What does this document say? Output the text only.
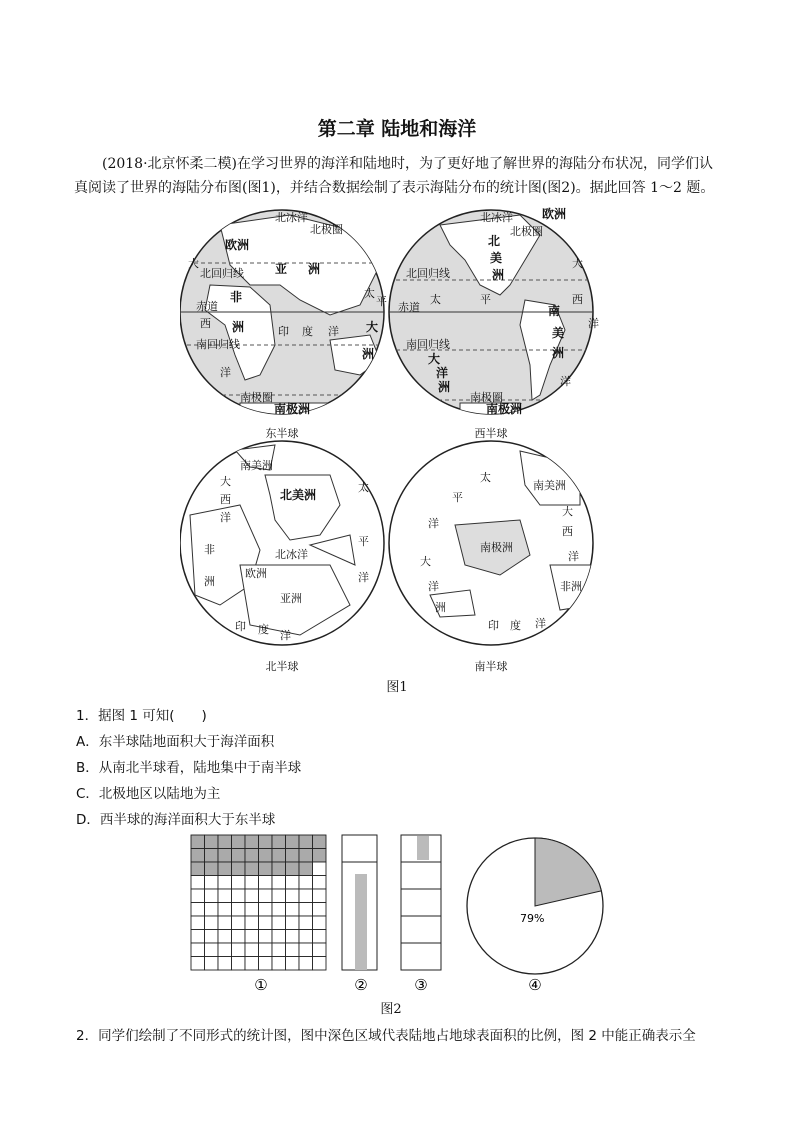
第二章 陆地和海洋
(2018·北京怀柔二模)在学习世界的海洋和陆地时，为了更好地了解世界的海陆分布状况，同学们认真阅读了世界的海陆分布图(图1)，并结合数据绘制了表示海陆分布的统计图(图2)。据此回答 1～2 题。
北冰洋
北极圈
欧洲
亚 洲
北回归线
太
非
赤道	平
西 洲	印 度 洋 大
洲
南回归线
洋
南极圈
南极洲
大
欧洲
北冰洋
北极圈
北
美
洲
大
北回归线
太	西
平
赤道	南
美
洲
南回归线
大
洋
洲	洋
南极圈
南极洲
洋
东半球	西半球
南美洲
北美洲
大
西
洋
太
平
洋
非
洲
北冰洋
欧洲
亚洲
印 度 洋
太
平
洋
南美洲
大
西
洋
南极洲
非洲
大
洋
洲
印 度 洋
北半球	南半球
图1
1．据图 1 可知(　　)
A．东半球陆地面积大于海洋面积
B．从南北半球看，陆地集中于南半球
C．北极地区以陆地为主
D．西半球的海洋面积大于东半球
79%
①	②	③	④
图2
2．同学们绘制了不同形式的统计图，图中深色区域代表陆地占地球表面积的比例，图 2 中能正确表示全
